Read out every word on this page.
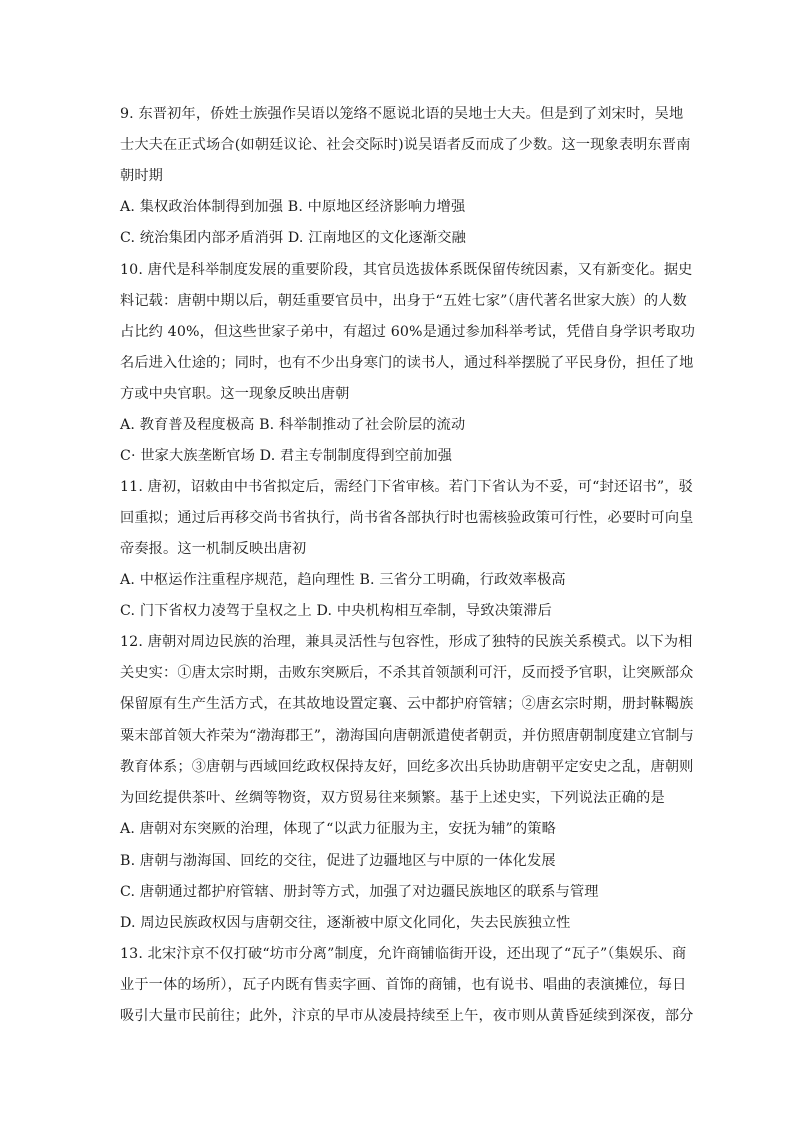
9. 东晋初年，侨姓士族强作吴语以笼络不愿说北语的吴地士大夫。但是到了刘宋时，吴地
士大夫在正式场合(如朝廷议论、社会交际时)说吴语者反而成了少数。这一现象表明东晋南
朝时期
A. 集权政治体制得到加强 B. 中原地区经济影响力增强
C. 统治集团内部矛盾消弭 D. 江南地区的文化逐渐交融
10. 唐代是科举制度发展的重要阶段，其官员选拔体系既保留传统因素，又有新变化。据史
料记载：唐朝中期以后，朝廷重要官员中，出身于“五姓七家”（唐代著名世家大族）的人数
占比约 40%，但这些世家子弟中，有超过 60%是通过参加科举考试，凭借自身学识考取功
名后进入仕途的；同时，也有不少出身寒门的读书人，通过科举摆脱了平民身份，担任了地
方或中央官职。这一现象反映出唐朝
A. 教育普及程度极高 B. 科举制推动了社会阶层的流动
C· 世家大族垄断官场 D. 君主专制制度得到空前加强
11. 唐初，诏敕由中书省拟定后，需经门下省审核。若门下省认为不妥，可“封还诏书”，驳
回重拟；通过后再移交尚书省执行，尚书省各部执行时也需核验政策可行性，必要时可向皇
帝奏报。这一机制反映出唐初
A. 中枢运作注重程序规范，趋向理性 B. 三省分工明确，行政效率极高
C. 门下省权力凌驾于皇权之上 D. 中央机构相互牵制，导致决策滞后
12. 唐朝对周边民族的治理，兼具灵活性与包容性，形成了独特的民族关系模式。以下为相
关史实：①唐太宗时期，击败东突厥后，不杀其首领颉利可汗，反而授予官职，让突厥部众
保留原有生产生活方式，在其故地设置定襄、云中都护府管辖；②唐玄宗时期，册封靺鞨族
粟末部首领大祚荣为“渤海郡王”，渤海国向唐朝派遣使者朝贡，并仿照唐朝制度建立官制与
教育体系；③唐朝与西域回纥政权保持友好，回纥多次出兵协助唐朝平定安史之乱，唐朝则
为回纥提供茶叶、丝绸等物资，双方贸易往来频繁。基于上述史实，下列说法正确的是
A. 唐朝对东突厥的治理，体现了“以武力征服为主，安抚为辅”的策略
B. 唐朝与渤海国、回纥的交往，促进了边疆地区与中原的一体化发展
C. 唐朝通过都护府管辖、册封等方式，加强了对边疆民族地区的联系与管理
D. 周边民族政权因与唐朝交往，逐渐被中原文化同化，失去民族独立性
13. 北宋汴京不仅打破“坊市分离”制度，允许商铺临街开设，还出现了“瓦子”（集娱乐、商
业于一体的场所），瓦子内既有售卖字画、首饰的商铺，也有说书、唱曲的表演摊位，每日
吸引大量市民前往；此外，汴京的早市从凌晨持续至上午，夜市则从黄昏延续到深夜，部分
